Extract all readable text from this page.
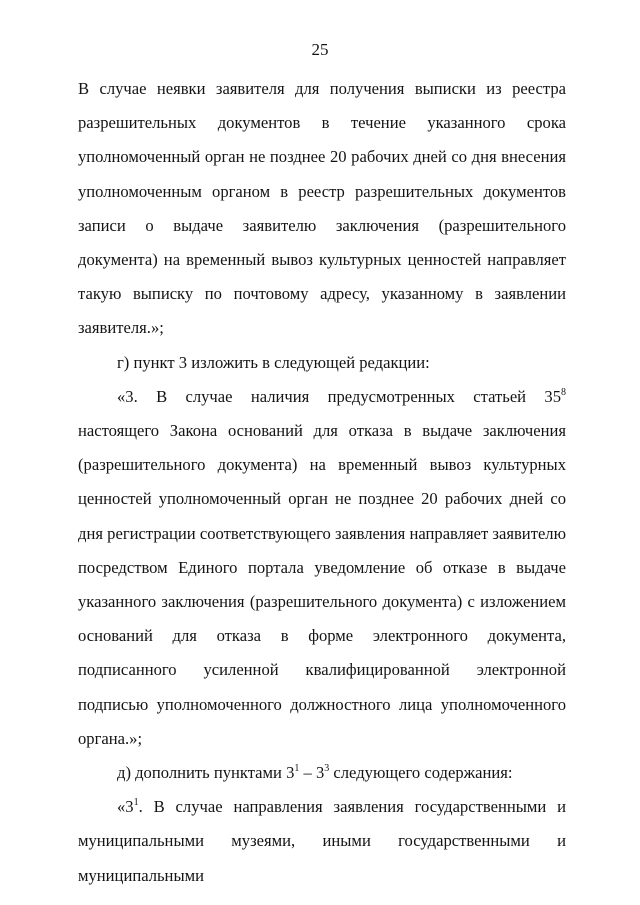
25

В случае неявки заявителя для получения выписки из реестра разрешительных документов в течение указанного срока уполномоченный орган не позднее 20 рабочих дней со дня внесения уполномоченным органом в реестр разрешительных документов записи о выдаче заявителю заключения (разрешительного документа) на временный вывоз культурных ценностей направляет такую выписку по почтовому адресу, указанному в заявлении заявителя.»;

г) пункт 3 изложить в следующей редакции:

«3. В случае наличия предусмотренных статьей $35^8$ настоящего Закона оснований для отказа в выдаче заключения (разрешительного документа) на временный вывоз культурных ценностей уполномоченный орган не позднее 20 рабочих дней со дня регистрации соответствующего заявления направляет заявителю посредством Единого портала уведомление об отказе в выдаче указанного заключения (разрешительного документа) с изложением оснований для отказа в форме электронного документа, подписанного усиленной квалифицированной электронной подписью уполномоченного должностного лица уполномоченного органа.»;

д) дополнить пунктами $3^1 - 3^3$ следующего содержания:

«$3^1$. В случае направления заявления государственными и муниципальными музеями, иными государственными и муниципальными
